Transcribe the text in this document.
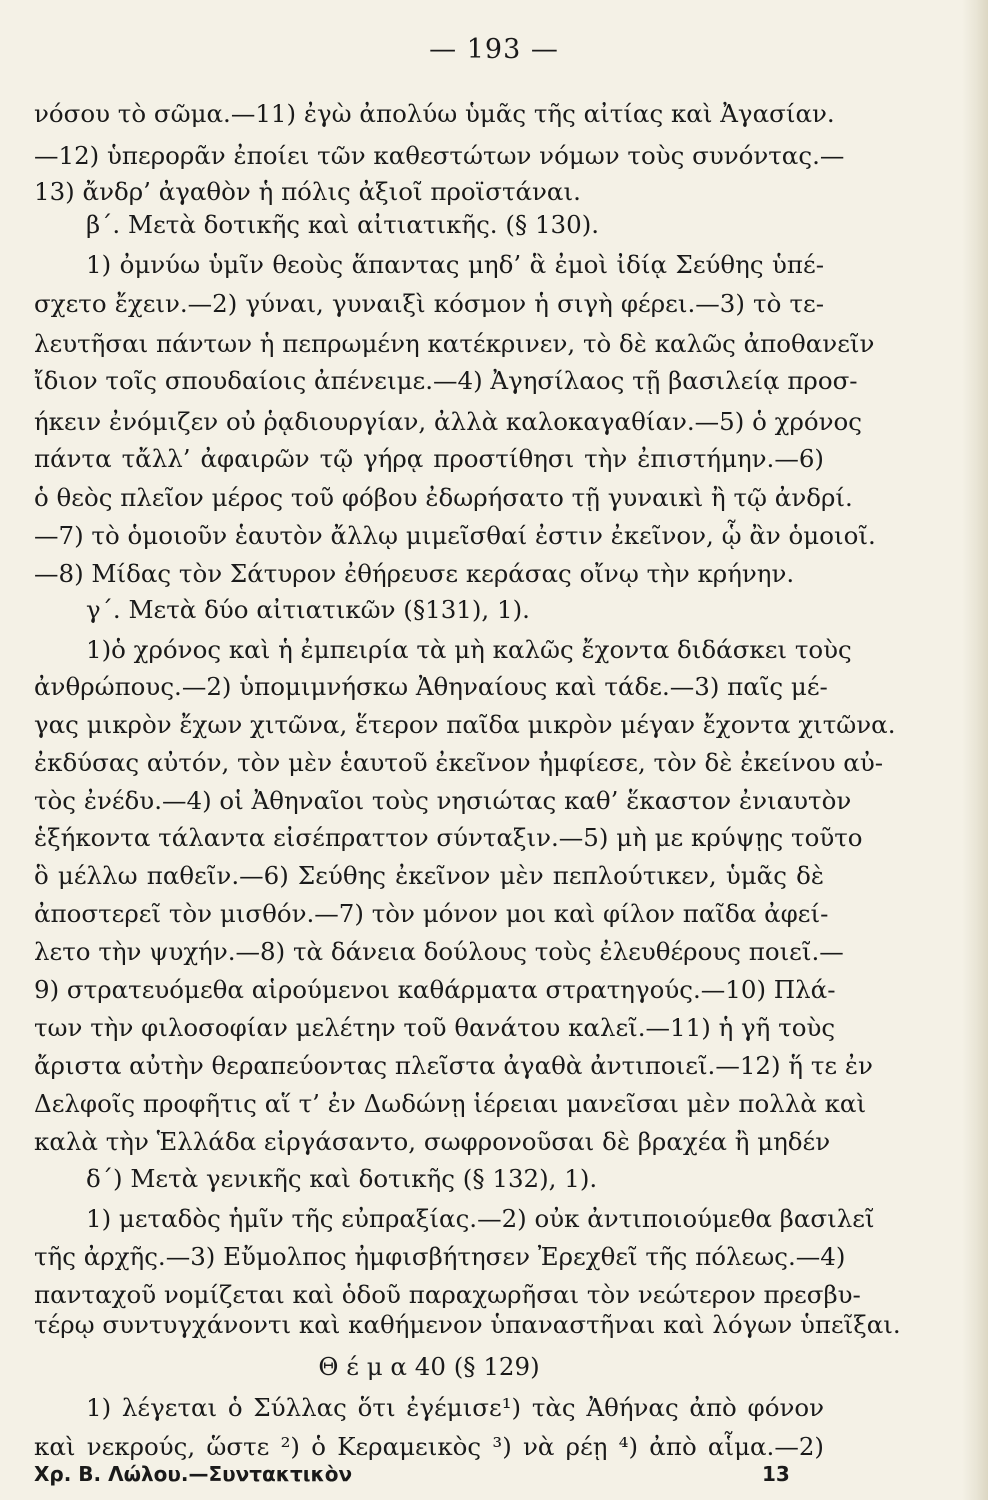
— 193 —
νόσου τὸ σῶμα.—11) ἐγὼ ἀπολύω ὑμᾶς τῆς αἰτίας καὶ Ἀγασίαν.
—12) ὑπερορᾶν ἐποίει τῶν καθεστώτων νόμων τοὺς συνόντας.—
13) ἄνδρ’ ἀγαθὸν ἡ πόλις ἀξιοῖ προϊστάναι.
β΄. Μετὰ δοτικῆς καὶ αἰτιατικῆς. (§ 130).
1) ὀμνύω ὑμῖν θεοὺς ἅπαντας μηδ’ ἃ ἐμοὶ ἰδίᾳ Σεύθης ὑπέ-
σχετο ἔχειν.—2) γύναι, γυναιξὶ κόσμον ἡ σιγὴ φέρει.—3) τὸ τε-
λευτῆσαι πάντων ἡ πεπρωμένη κατέκρινεν, τὸ δὲ καλῶς ἀποθανεῖν
ἴδιον τοῖς σπουδαίοις ἀπένειμε.—4) Ἀγησίλαος τῇ βασιλείᾳ προσ-
ήκειν ἐνόμιζεν οὐ ῥᾳδιουργίαν, ἀλλὰ καλοκαγαθίαν.—5) ὁ χρόνος
πάντα τἄλλ’ ἀφαιρῶν τῷ γήρᾳ προστίθησι τὴν ἐπιστήμην.—6)
ὁ θεὸς πλεῖον μέρος τοῦ φόβου ἐδωρήσατο τῇ γυναικὶ ἢ τῷ ἀνδρί.
—7) τὸ ὁμοιοῦν ἑαυτὸν ἄλλῳ μιμεῖσθαί ἐστιν ἐκεῖνον, ᾧ ἂν ὁμοιοῖ.
—8) Μίδας τὸν Σάτυρον ἐθήρευσε κεράσας οἴνῳ τὴν κρήνην.
γ΄. Μετὰ δύο αἰτιατικῶν (§131), 1).
1)ὁ χρόνος καὶ ἡ ἐμπειρία τὰ μὴ καλῶς ἔχοντα διδάσκει τοὺς
ἀνθρώπους.—2) ὑπομιμνήσκω Ἀθηναίους καὶ τάδε.—3) παῖς μέ-
γας μικρὸν ἔχων χιτῶνα, ἕτερον παῖδα μικρὸν μέγαν ἔχοντα χιτῶνα.
ἐκδύσας αὐτόν, τὸν μὲν ἑαυτοῦ ἐκεῖνον ἠμφίεσε, τὸν δὲ ἐκείνου αὐ-
τὸς ἐνέδυ.—4) οἱ Ἀθηναῖοι τοὺς νησιώτας καθ’ ἕκαστον ἐνιαυτὸν
ἑξήκοντα τάλαντα εἰσέπραττον σύνταξιν.—5) μὴ με κρύψῃς τοῦτο
ὃ μέλλω παθεῖν.—6) Σεύθης ἐκεῖνον μὲν πεπλούτικεν, ὑμᾶς δὲ
ἀποστερεῖ τὸν μισθόν.—7) τὸν μόνον μοι καὶ φίλον παῖδα ἀφεί-
λετο τὴν ψυχήν.—8) τὰ δάνεια δούλους τοὺς ἐλευθέρους ποιεῖ.—
9) στρατευόμεθα αἱρούμενοι καθάρματα στρατηγούς.—10) Πλά-
των τὴν φιλοσοφίαν μελέτην τοῦ θανάτου καλεῖ.—11) ἡ γῆ τοὺς
ἄριστα αὐτὴν θεραπεύοντας πλεῖστα ἀγαθὰ ἀντιποιεῖ.—12) ἥ τε ἐν
Δελφοῖς προφῆτις αἵ τ’ ἐν Δωδώνῃ ἱέρειαι μανεῖσαι μὲν πολλὰ καὶ
καλὰ τὴν Ἑλλάδα εἰργάσαντο, σωφρονοῦσαι δὲ βραχέα ἢ μηδέν
δ΄) Μετὰ γενικῆς καὶ δοτικῆς (§ 132), 1).
1) μεταδὸς ἡμῖν τῆς εὐπραξίας.—2) οὐκ ἀντιποιούμεθα βασιλεῖ
τῆς ἀρχῆς.—3) Εὔμολπος ἠμφισβήτησεν Ἐρεχθεῖ τῆς πόλεως.—4)
πανταχοῦ νομίζεται καὶ ὁδοῦ παραχωρῆσαι τὸν νεώτερον πρεσβυ-
τέρῳ συντυγχάνοντι καὶ καθήμενον ὑπαναστῆναι καὶ λόγων ὑπεῖξαι.
Θ έ μ α 40 (§ 129)
1) λέγεται ὁ Σύλλας ὅτι ἐγέμισε¹) τὰς Ἀθήνας ἀπὸ φόνον
καὶ νεκρούς, ὥστε ²) ὁ Κεραμεικὸς ³) νὰ ρέῃ ⁴) ἀπὸ αἷμα.—2)
Χρ. Β. Λώλου.—Συντακτικὸν	13
